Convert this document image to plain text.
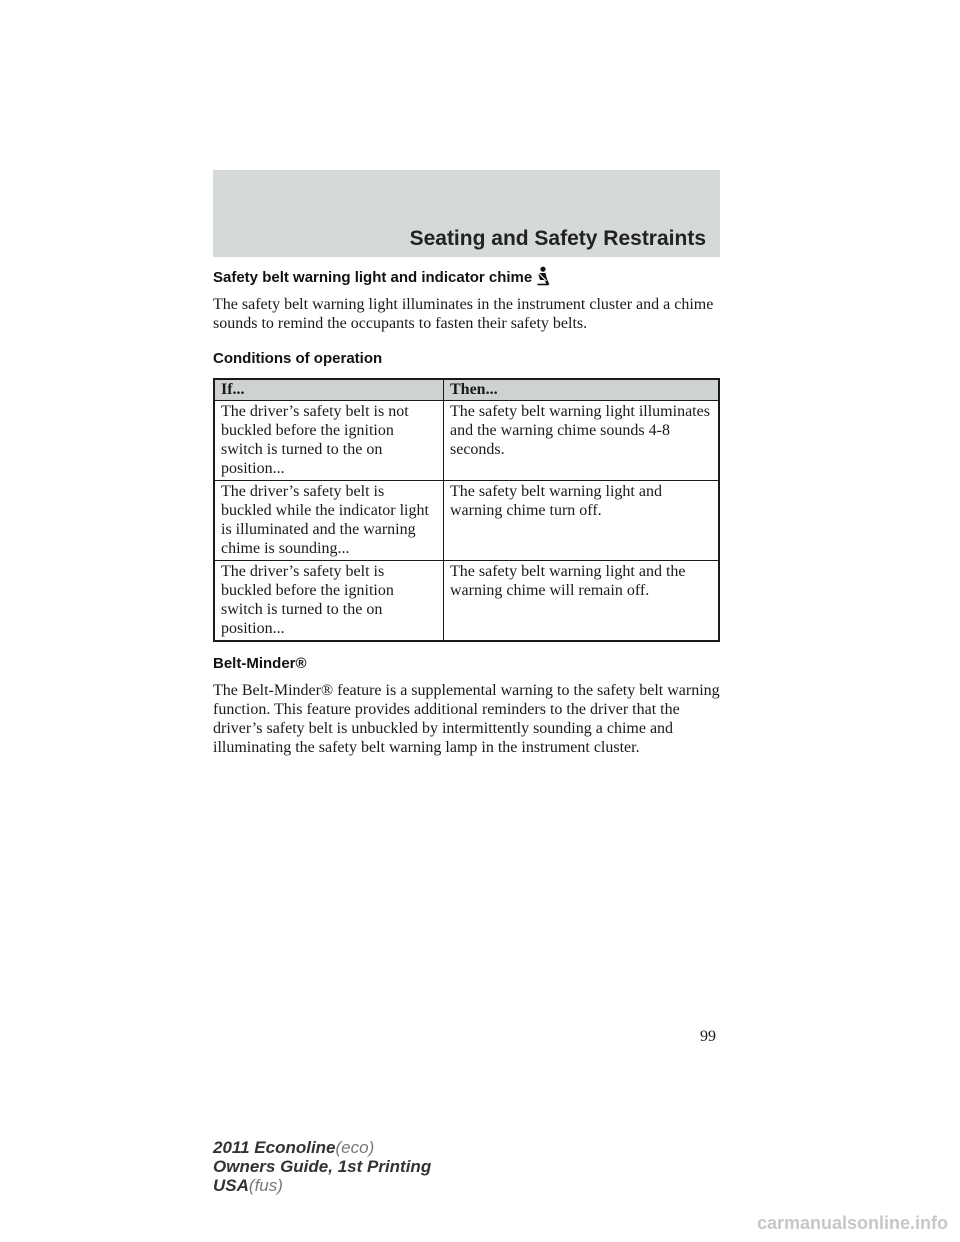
Seating and Safety Restraints
Safety belt warning light and indicator chime

The safety belt warning light illuminates in the instrument cluster and a chime sounds to remind the occupants to fasten their safety belts.

Conditions of operation
If...	Then...
The driver’s safety belt is not buckled before the ignition switch is turned to the on position...	The safety belt warning light illuminates and the warning chime sounds 4-8 seconds.
The driver’s safety belt is buckled while the indicator light is illuminated and the warning chime is sounding...	The safety belt warning light and warning chime turn off.
The driver’s safety belt is buckled before the ignition switch is turned to the on position...	The safety belt warning light and the warning chime will remain off.
Belt-Minder®

The Belt-Minder® feature is a supplemental warning to the safety belt warning function. This feature provides additional reminders to the driver that the driver’s safety belt is unbuckled by intermittently sounding a chime and illuminating the safety belt warning lamp in the instrument cluster.

99

2011 Econoline(eco)
Owners Guide, 1st Printing
USA(fus)
carmanualsonline.info
